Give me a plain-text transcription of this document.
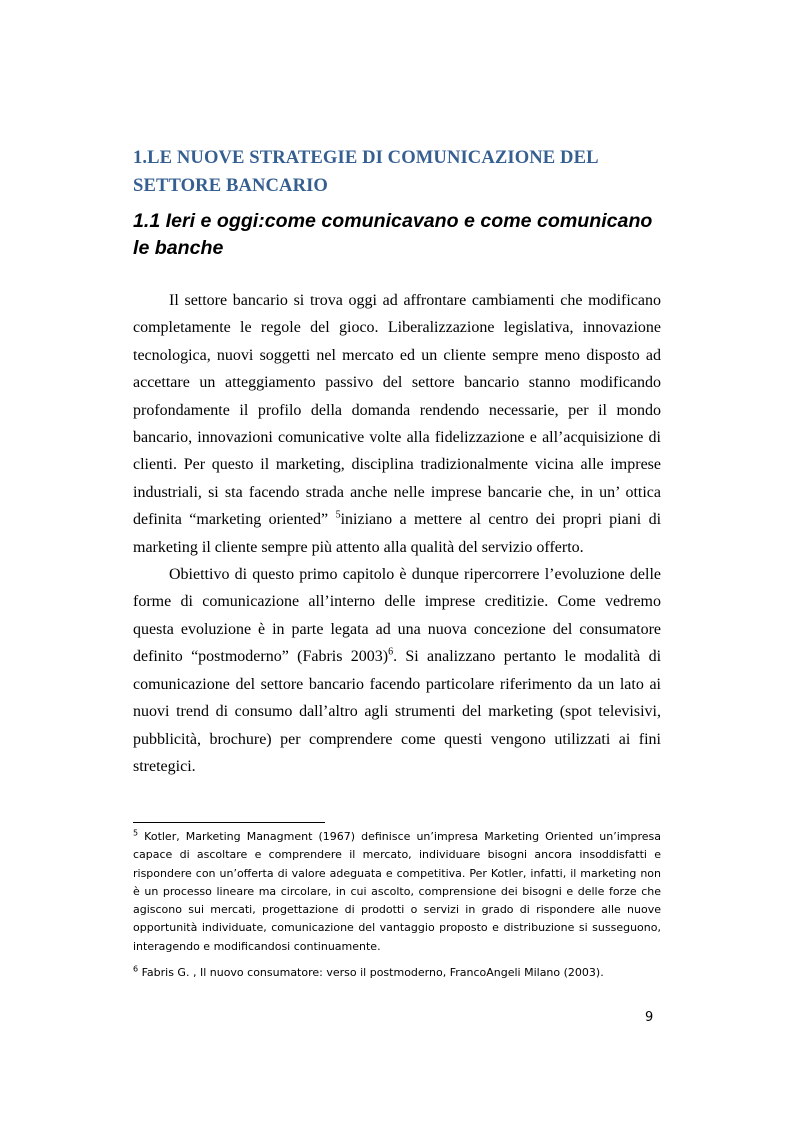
1.LE NUOVE STRATEGIE DI COMUNICAZIONE DEL SETTORE BANCARIO
1.1 Ieri e oggi:come comunicavano e come comunicano le banche

Il settore bancario si trova oggi ad affrontare cambiamenti che modificano completamente le regole del gioco. Liberalizzazione legislativa, innovazione tecnologica, nuovi soggetti nel mercato ed un cliente sempre meno disposto ad accettare un atteggiamento passivo del settore bancario stanno modificando profondamente il profilo della domanda rendendo necessarie, per il mondo bancario, innovazioni comunicative volte alla fidelizzazione e all’acquisizione di clienti. Per questo il marketing, disciplina tradizionalmente vicina alle imprese industriali, si sta facendo strada anche nelle imprese bancarie che, in un’ ottica definita “marketing oriented” $^5$iniziano a mettere al centro dei propri piani di marketing il cliente sempre più attento alla qualità del servizio offerto.

Obiettivo di questo primo capitolo è dunque ripercorrere l’evoluzione delle forme di comunicazione all’interno delle imprese creditizie. Come vedremo questa evoluzione è in parte legata ad una nuova concezione del consumatore definito “postmoderno” (Fabris 2003)$^6$. Si analizzano pertanto le modalità di comunicazione del settore bancario facendo particolare riferimento da un lato ai nuovi trend di consumo dall’altro agli strumenti del marketing (spot televisivi, pubblicità, brochure) per comprendere come questi vengono utilizzati ai fini stretegici.

$^5$ Kotler, Marketing Managment (1967) definisce un’impresa Marketing Oriented un’impresa capace di ascoltare e comprendere il mercato, individuare bisogni ancora insoddisfatti e rispondere con un’offerta di valore adeguata e competitiva. Per Kotler, infatti, il marketing non è un processo lineare ma circolare, in cui ascolto, comprensione dei bisogni e delle forze che agiscono sui mercati, progettazione di prodotti o servizi in grado di rispondere alle nuove opportunità individuate, comunicazione del vantaggio proposto e distribuzione si susseguono, interagendo e modificandosi continuamente.

$^6$ Fabris G. , Il nuovo consumatore: verso il postmoderno, FrancoAngeli Milano (2003).

9
